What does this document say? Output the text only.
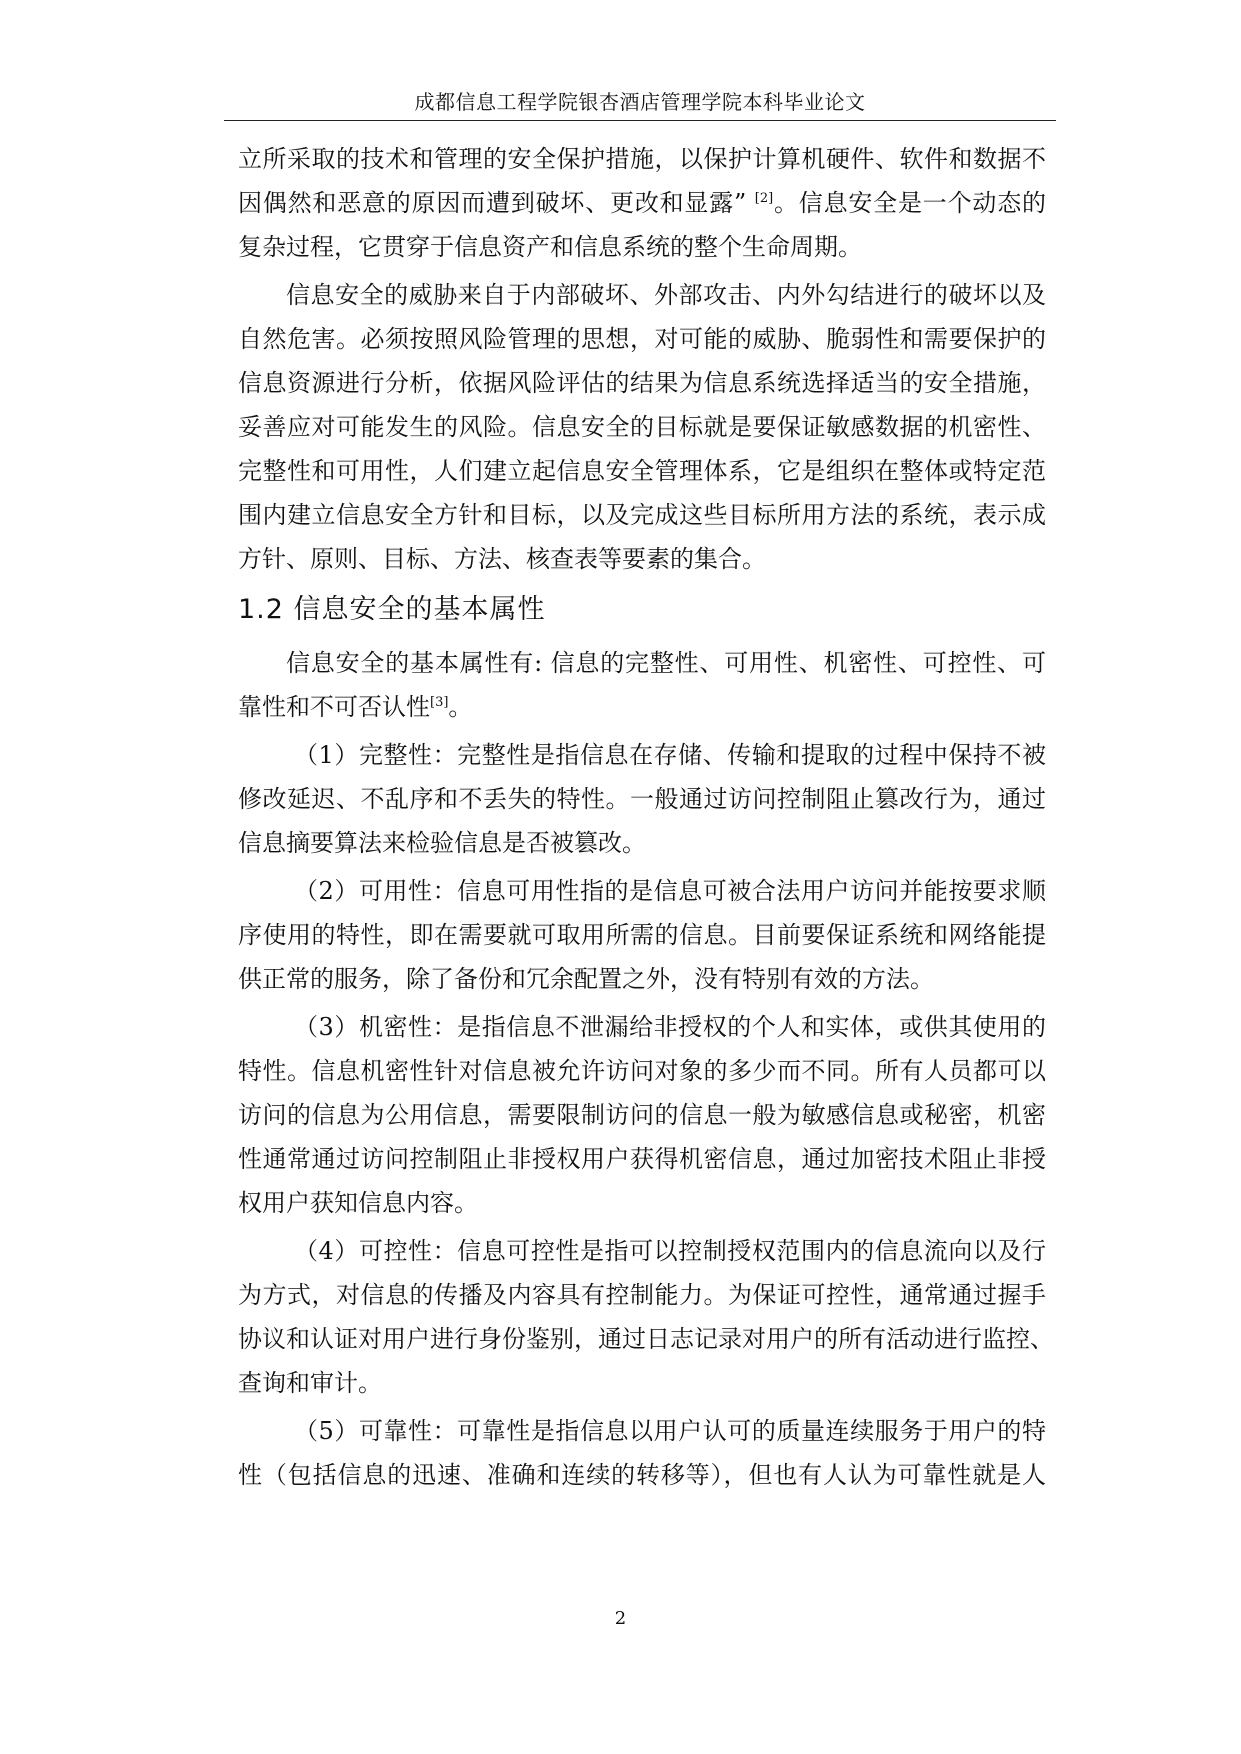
成都信息工程学院银杏酒店管理学院本科毕业论文
立所采取的技术和管理的安全保护措施，以保护计算机硬件、软件和数据不
因偶然和恶意的原因而遭到破坏、更改和显露” [2]。信息安全是一个动态的
复杂过程，它贯穿于信息资产和信息系统的整个生命周期。
信息安全的威胁来自于内部破坏、外部攻击、内外勾结进行的破坏以及
自然危害。必须按照风险管理的思想，对可能的威胁、脆弱性和需要保护的
信息资源进行分析，依据风险评估的结果为信息系统选择适当的安全措施，
妥善应对可能发生的风险。信息安全的目标就是要保证敏感数据的机密性、
完整性和可用性，人们建立起信息安全管理体系，它是组织在整体或特定范
围内建立信息安全方针和目标，以及完成这些目标所用方法的系统，表示成
方针、原则、目标、方法、核查表等要素的集合。
1.2 信息安全的基本属性
信息安全的基本属性有: 信息的完整性、可用性、机密性、可控性、可
靠性和不可否认性[3]。
（1）完整性：完整性是指信息在存储、传输和提取的过程中保持不被
修改延迟、不乱序和不丢失的特性。一般通过访问控制阻止篡改行为，通过
信息摘要算法来检验信息是否被篡改。
（2）可用性：信息可用性指的是信息可被合法用户访问并能按要求顺
序使用的特性，即在需要就可取用所需的信息。目前要保证系统和网络能提
供正常的服务，除了备份和冗余配置之外，没有特别有效的方法。
（3）机密性：是指信息不泄漏给非授权的个人和实体，或供其使用的
特性。信息机密性针对信息被允许访问对象的多少而不同。所有人员都可以
访问的信息为公用信息，需要限制访问的信息一般为敏感信息或秘密，机密
性通常通过访问控制阻止非授权用户获得机密信息，通过加密技术阻止非授
权用户获知信息内容。
（4）可控性：信息可控性是指可以控制授权范围内的信息流向以及行
为方式，对信息的传播及内容具有控制能力。为保证可控性，通常通过握手
协议和认证对用户进行身份鉴别，通过日志记录对用户的所有活动进行监控、
查询和审计。
（5）可靠性：可靠性是指信息以用户认可的质量连续服务于用户的特
性（包括信息的迅速、准确和连续的转移等），但也有人认为可靠性就是人
2
